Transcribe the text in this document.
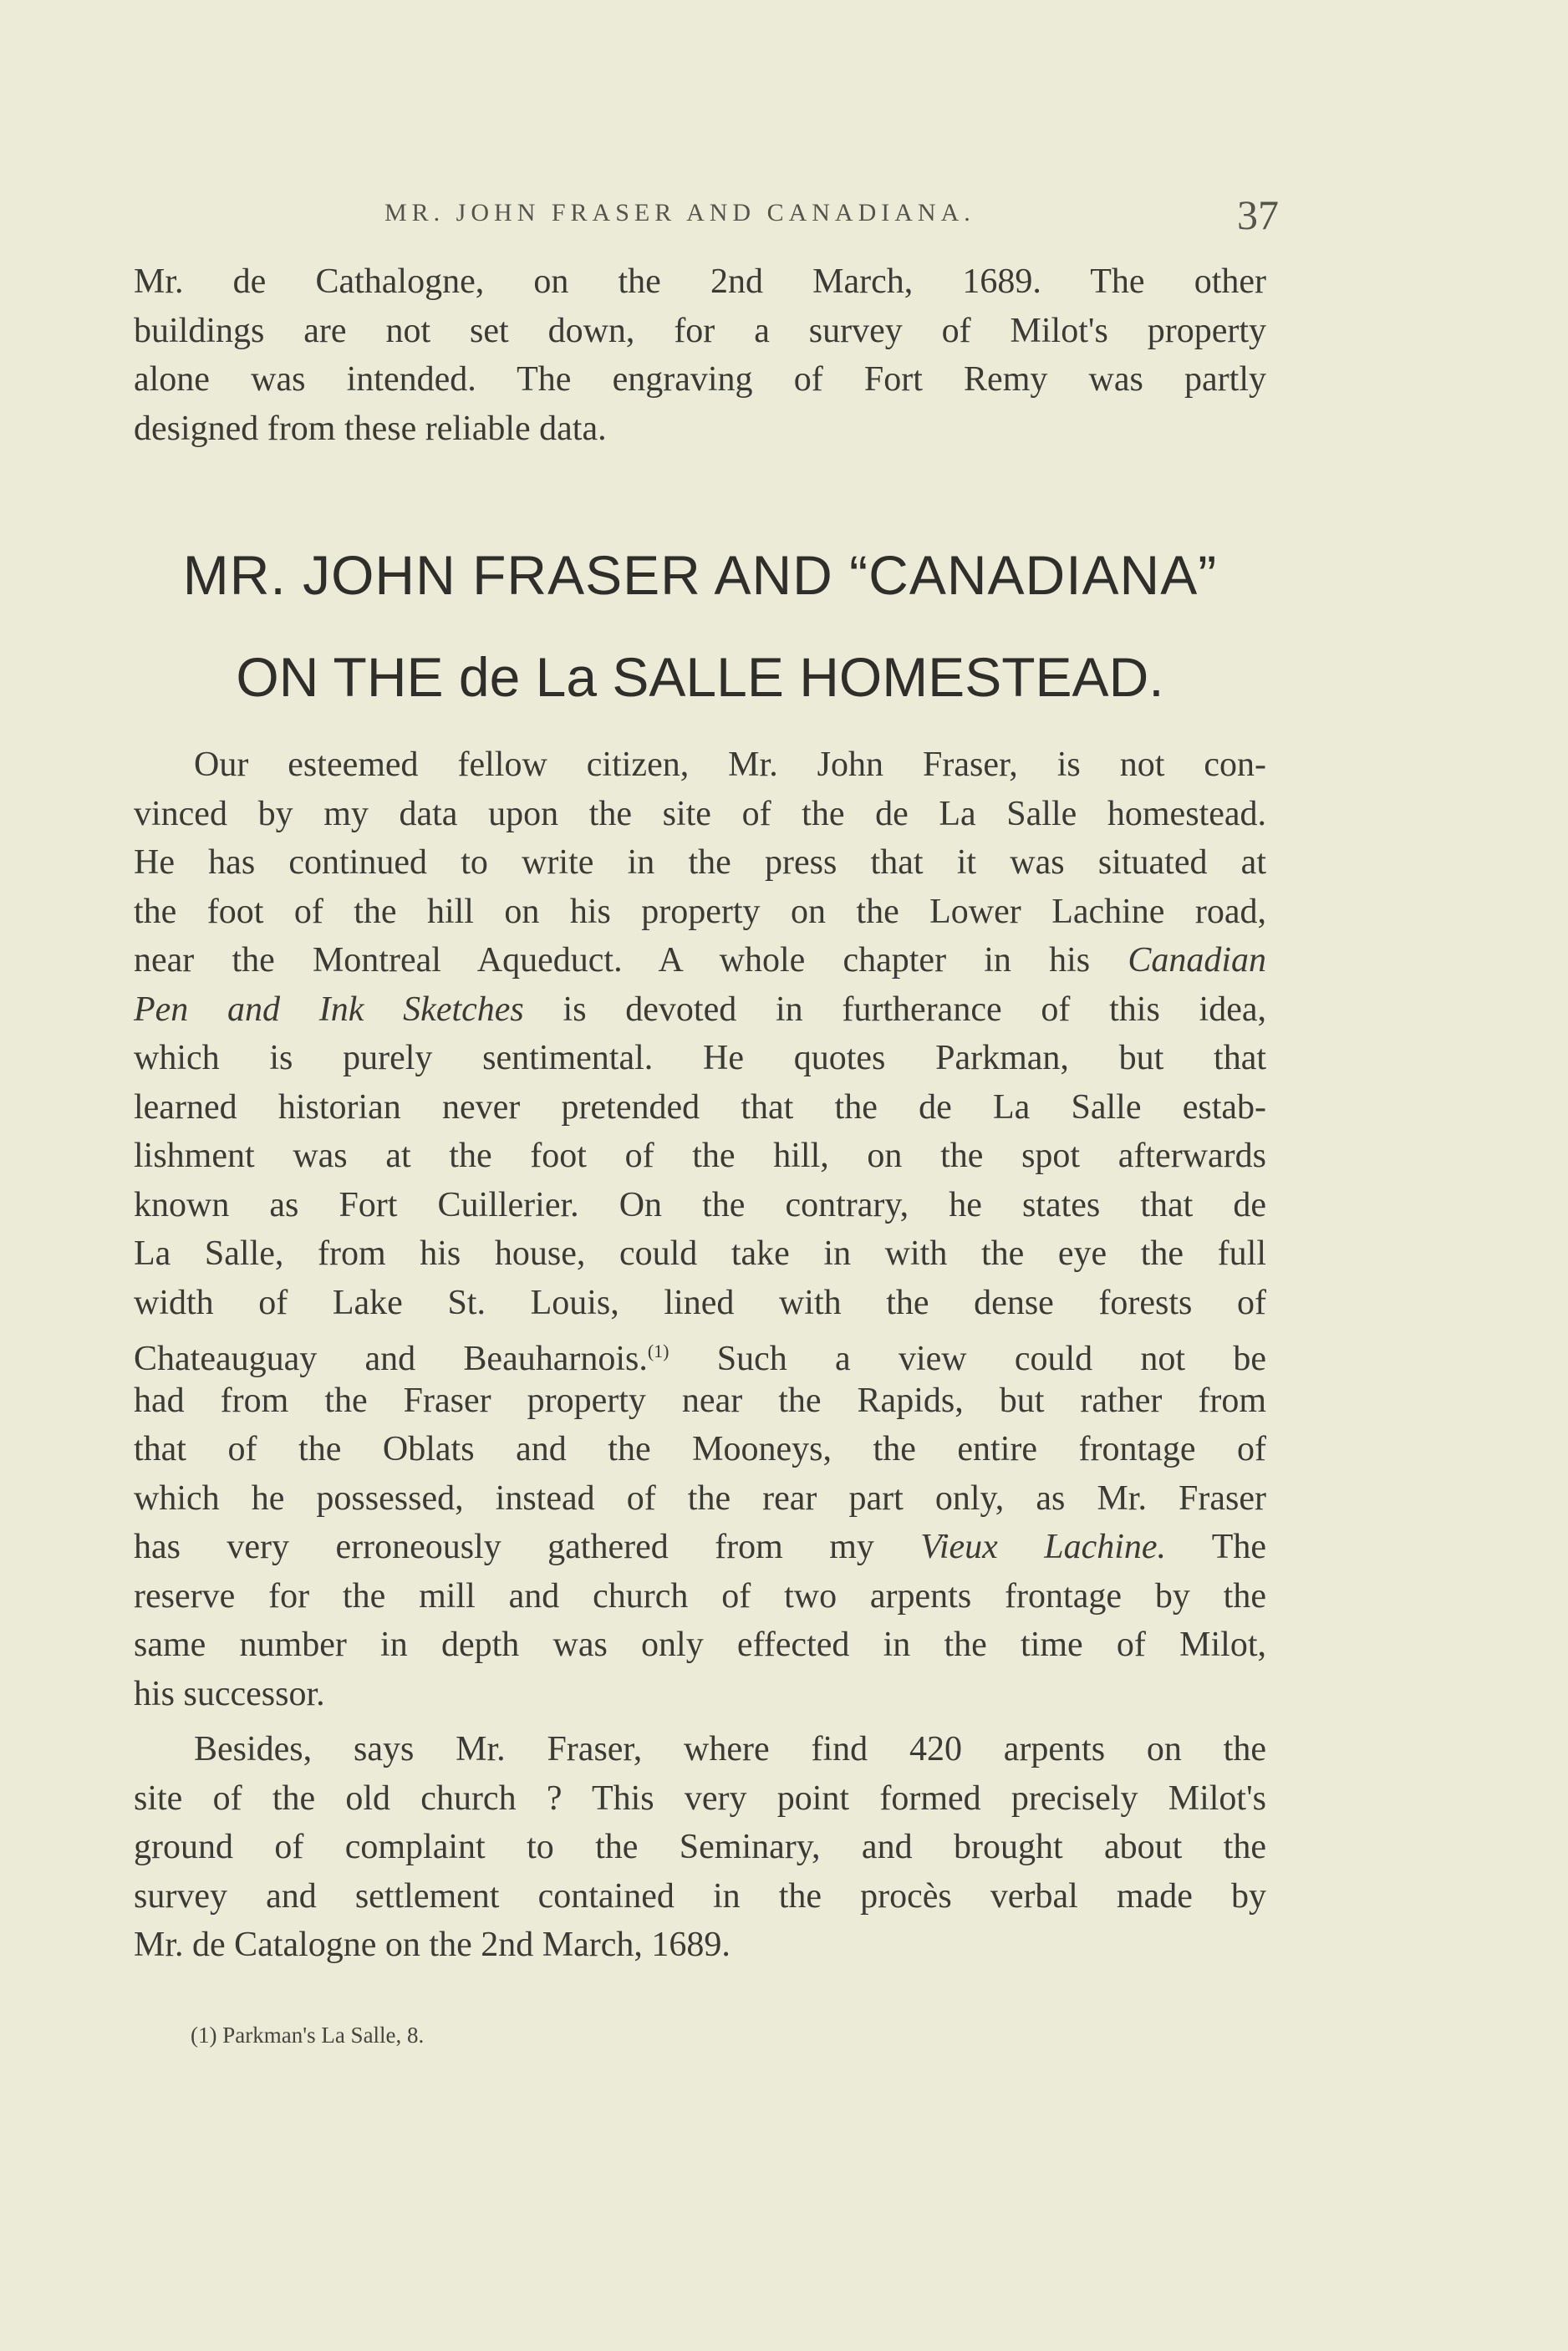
MR. JOHN FRASER AND CANADIANA.	37
Mr. de Cathalogne, on the 2nd March, 1689. The other
buildings are not set down, for a survey of Milot's property
alone was intended. The engraving of Fort Remy was partly
designed from these reliable data.
MR. JOHN FRASER AND “CANADIANA”
ON THE de La SALLE HOMESTEAD.
Our esteemed fellow citizen, Mr. John Fraser, is not con-
vinced by my data upon the site of the de La Salle homestead.
He has continued to write in the press that it was situated at
the foot of the hill on his property on the Lower Lachine road,
near the Montreal Aqueduct. A whole chapter in his Canadian
Pen and Ink Sketches is devoted in furtherance of this idea,
which is purely sentimental. He quotes Parkman, but that
learned historian never pretended that the de La Salle estab-
lishment was at the foot of the hill, on the spot afterwards
known as Fort Cuillerier. On the contrary, he states that de
La Salle, from his house, could take in with the eye the full
width of Lake St. Louis, lined with the dense forests of
Chateauguay and Beauharnois.$^{(1)}$ Such a view could not be
had from the Fraser property near the Rapids, but rather from
that of the Oblats and the Mooneys, the entire frontage of
which he possessed, instead of the rear part only, as Mr. Fraser
has very erroneously gathered from my Vieux Lachine. The
reserve for the mill and church of two arpents frontage by the
same number in depth was only effected in the time of Milot,
his successor.
Besides, says Mr. Fraser, where find 420 arpents on the
site of the old church ? This very point formed precisely Milot's
ground of complaint to the Seminary, and brought about the
survey and settlement contained in the procès verbal made by
Mr. de Catalogne on the 2nd March, 1689.
(1) Parkman's La Salle, 8.
